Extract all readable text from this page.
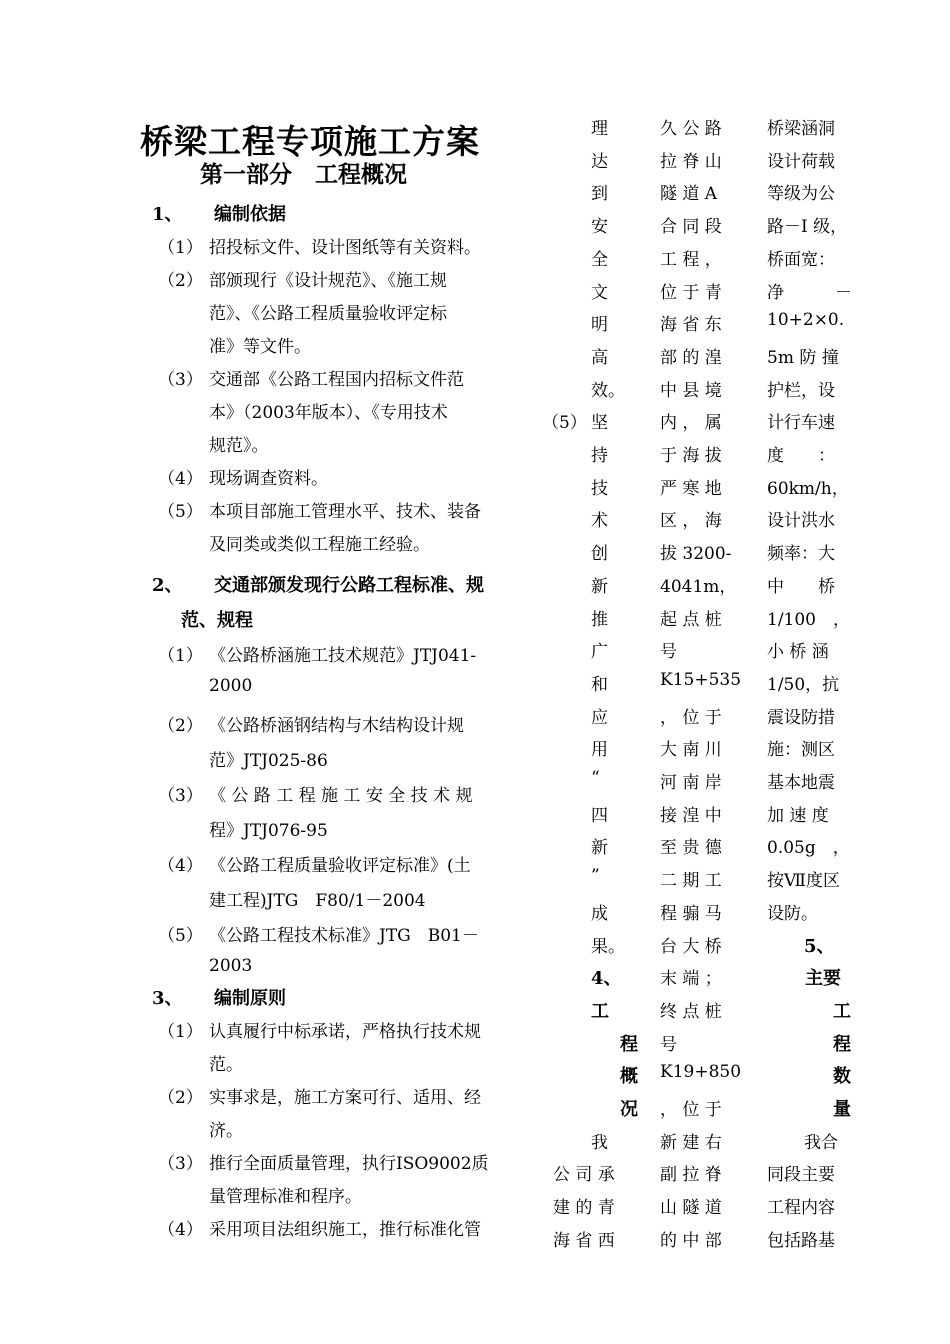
桥梁工程专项施工方案
第一部分　工程概况
1、 编制依据
（1） 招投标文件、设计图纸等有关资料。
（2） 部颁现行《设计规范》、《施工规
范》、《公路工程质量验收评定标
准》等文件。
（3） 交通部《公路工程国内招标文件范
本》（2003年版本）、《专用技术
规范》。
（4） 现场调查资料。
（5） 本项目部施工管理水平、技术、装备
及同类或类似工程施工经验。
2、 交通部颁发现行公路工程标准、规
范、规程
（1） 《公路桥涵施工技术规范》JTJ041-
2000
（2） 《公路桥涵钢结构与木结构设计规
范》JTJ025-86
（3） 《 公 路 工 程 施 工 安 全 技 术 规
程》JTJ076-95
（4） 《公路工程质量验收评定标准》(土
建工程)JTG　F80/1－2004
（5） 《公路工程技术标准》JTG　B01－
2003
3、 编制原则
（1） 认真履行中标承诺，严格执行技术规
范。
（2） 实事求是，施工方案可行、适用、经
济。
（3） 推行全面质量管理，执行ISO9002质
量管理标准和程序。
（4） 采用项目法组织施工，推行标准化管
（5）
理
达
到
安
全
文
明
高
效。
坚
持
技
术
创
新
推
广
和
应
用
“
四
新
”
成
果。
4、
工
程
概
况
我
公 司 承
建 的 青
海 省 西
久 公 路
拉 脊 山
隧 道 A
合 同 段
工 程 ，
位 于 青
海 省 东
部 的 湟
中 县 境
内 ， 属
于 海 拔
严 寒 地
区 ， 海
拔 3200-
4041m，
起 点 桩
号
K15+535
， 位 于
大 南 川
河 南 岸
接 湟 中
至 贵 德
二 期 工
程 骟 马
台 大 桥
末 端 ；
终 点 桩
号
K19+850
， 位 于
新 建 右
副 拉 脊
山 隧 道
的 中 部
桥梁涵洞
设计荷载
等级为公
路－Ⅰ 级，
桥面宽：
净　　　－
10+2×0.
5m 防 撞
护栏，设
计行车速
度　　：
60km/h，
设计洪水
频率：大
中　　桥
1/100　，
小 桥 涵
1/50，抗
震设防措
施：测区
基本地震
加 速 度
0.05g　，
按Ⅶ度区
设防。
5、
主要
工
程
数
量
我合
同段主要
工程内容
包括路基
